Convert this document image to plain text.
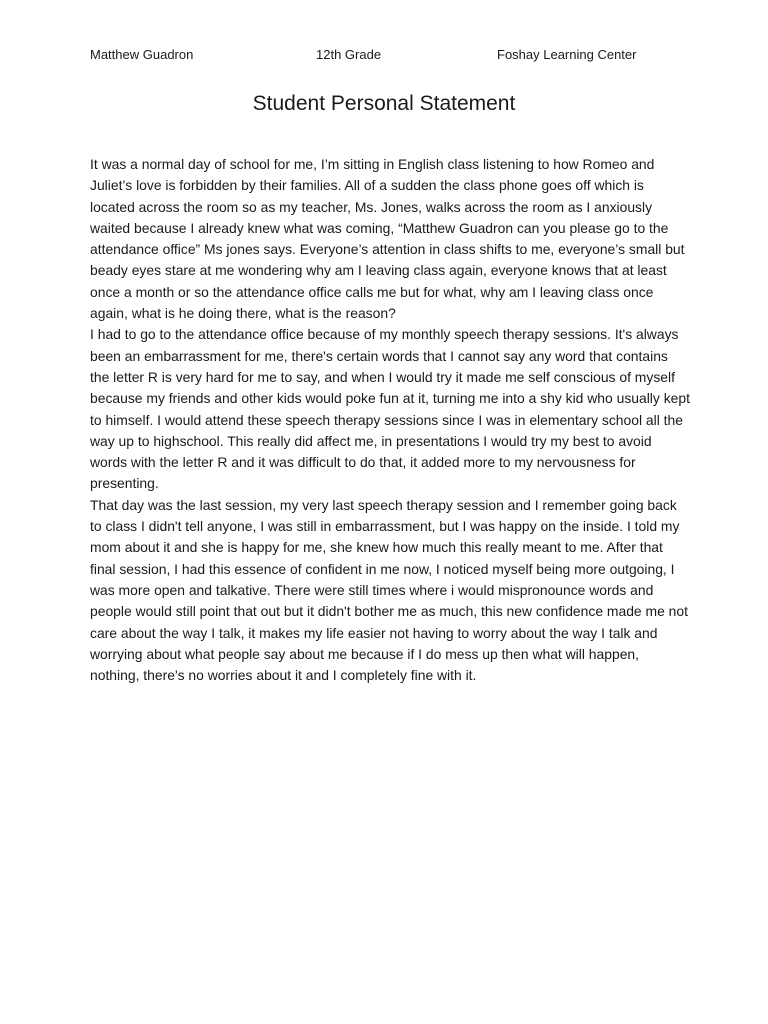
Matthew Guadron	12th Grade	Foshay Learning Center
Student Personal Statement

It was a normal day of school for me, I’m sitting in English class listening to how Romeo and Juliet’s love is forbidden by their families. All of a sudden the class phone goes off which is located across the room so as my teacher, Ms. Jones, walks across the room as I anxiously waited because I already knew what was coming, “Matthew Guadron can you please go to the attendance office” Ms jones says. Everyone’s attention in class shifts to me, everyone’s small but beady eyes stare at me wondering why am I leaving class again, everyone knows that at least once a month or so the attendance office calls me but for what, why am I leaving class once again, what is he doing there, what is the reason?

I had to go to the attendance office because of my monthly speech therapy sessions. It's always been an embarrassment for me, there's certain words that I cannot say any word that contains the letter R is very hard for me to say, and when I would try it made me self conscious of myself because my friends and other kids would poke fun at it, turning me into a shy kid who usually kept to himself. I would attend these speech therapy sessions since I was in elementary school all the way up to highschool. This really did affect me, in presentations I would try my best to avoid words with the letter R and it was difficult to do that, it added more to my nervousness for presenting.

That day was the last session, my very last speech therapy session and I remember going back to class I didn't tell anyone, I was still in embarrassment, but I was happy on the inside. I told my mom about it and she is happy for me, she knew how much this really meant to me. After that final session, I had this essence of confident in me now, I noticed myself being more outgoing, I was more open and talkative. There were still times where i would mispronounce words and people would still point that out but it didn't bother me as much, this new confidence made me not care about the way I talk, it makes my life easier not having to worry about the way I talk and worrying about what people say about me because if I do mess up then what will happen, nothing, there's no worries about it and I completely fine with it.
